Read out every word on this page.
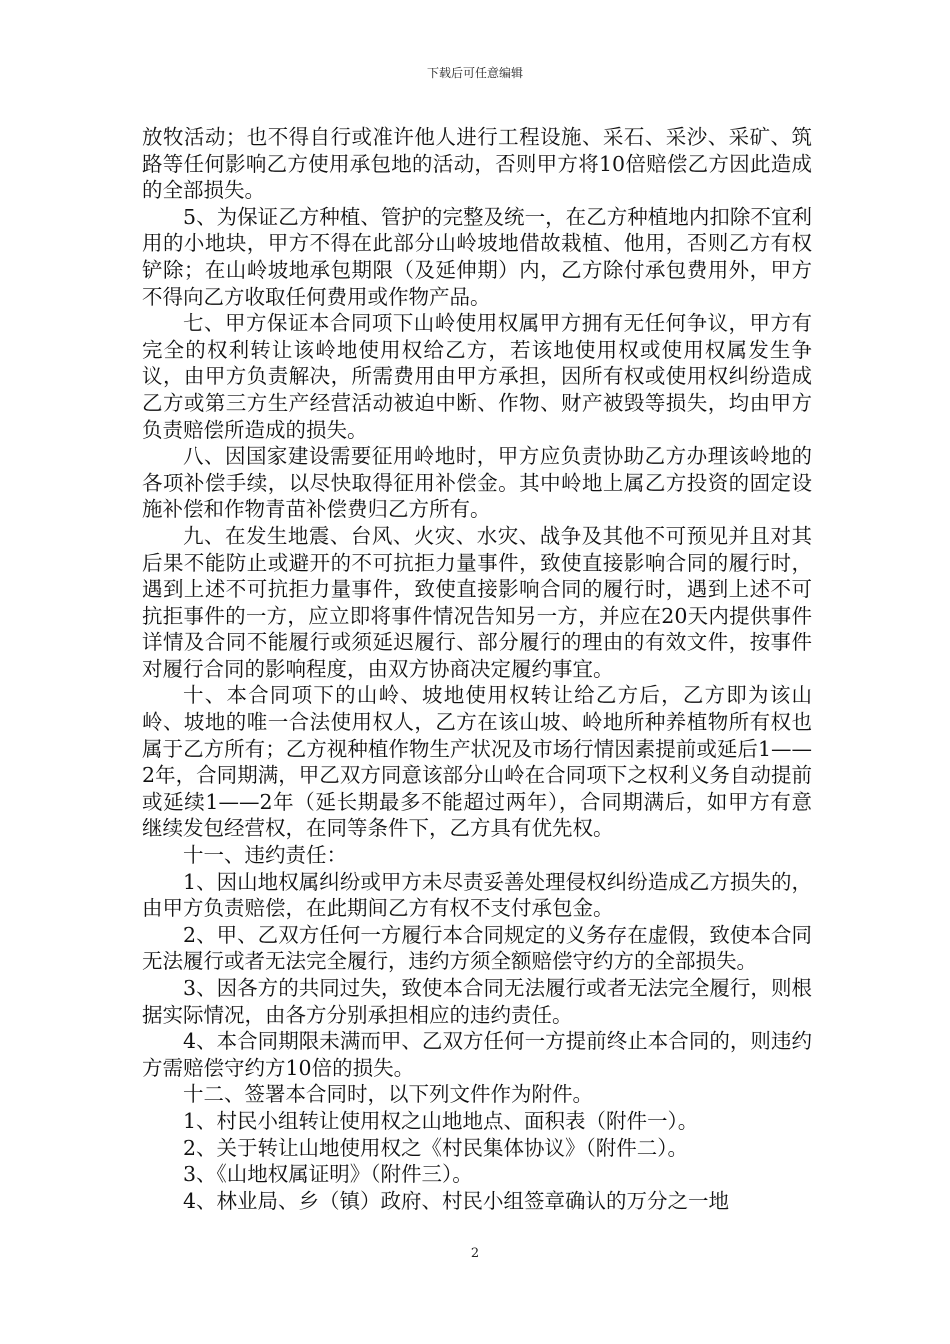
下载后可任意编辑

放牧活动；也不得自行或准许他人进行工程设施、采石、采沙、采矿、筑路等任何影响乙方使用承包地的活动，否则甲方将10倍赔偿乙方因此造成的全部损失。

5、为保证乙方种植、管护的完整及统一，在乙方种植地内扣除不宜利用的小地块，甲方不得在此部分山岭坡地借故栽植、他用，否则乙方有权铲除；在山岭坡地承包期限（及延伸期）内，乙方除付承包费用外，甲方不得向乙方收取任何费用或作物产品。

七、甲方保证本合同项下山岭使用权属甲方拥有无任何争议，甲方有完全的权利转让该岭地使用权给乙方，若该地使用权或使用权属发生争议，由甲方负责解决，所需费用由甲方承担，因所有权或使用权纠纷造成乙方或第三方生产经营活动被迫中断、作物、财产被毁等损失，均由甲方负责赔偿所造成的损失。

八、因国家建设需要征用岭地时，甲方应负责协助乙方办理该岭地的各项补偿手续，以尽快取得征用补偿金。其中岭地上属乙方投资的固定设施补偿和作物青苗补偿费归乙方所有。

九、在发生地震、台风、火灾、水灾、战争及其他不可预见并且对其后果不能防止或避开的不可抗拒力量事件，致使直接影响合同的履行时，遇到上述不可抗拒力量事件，致使直接影响合同的履行时，遇到上述不可抗拒事件的一方，应立即将事件情况告知另一方，并应在20天内提供事件详情及合同不能履行或须延迟履行、部分履行的理由的有效文件，按事件对履行合同的影响程度，由双方协商决定履约事宜。

十、本合同项下的山岭、坡地使用权转让给乙方后，乙方即为该山岭、坡地的唯一合法使用权人，乙方在该山坡、岭地所种养植物所有权也属于乙方所有；乙方视种植作物生产状况及市场行情因素提前或延后1——2年，合同期满，甲乙双方同意该部分山岭在合同项下之权利义务自动提前或延续1——2年（延长期最多不能超过两年），合同期满后，如甲方有意继续发包经营权，在同等条件下，乙方具有优先权。

十一、违约责任：

1、因山地权属纠纷或甲方未尽责妥善处理侵权纠纷造成乙方损失的，由甲方负责赔偿，在此期间乙方有权不支付承包金。

2、甲、乙双方任何一方履行本合同规定的义务存在虚假，致使本合同无法履行或者无法完全履行，违约方须全额赔偿守约方的全部损失。

3、因各方的共同过失，致使本合同无法履行或者无法完全履行，则根据实际情况，由各方分别承担相应的违约责任。

4、本合同期限未满而甲、乙双方任何一方提前终止本合同的，则违约方需赔偿守约方10倍的损失。

十二、签署本合同时，以下列文件作为附件。

1、村民小组转让使用权之山地地点、面积表（附件一）。

2、关于转让山地使用权之《村民集体协议》（附件二）。

3、《山地权属证明》（附件三）。

4、林业局、乡（镇）政府、村民小组签章确认的万分之一地

2
